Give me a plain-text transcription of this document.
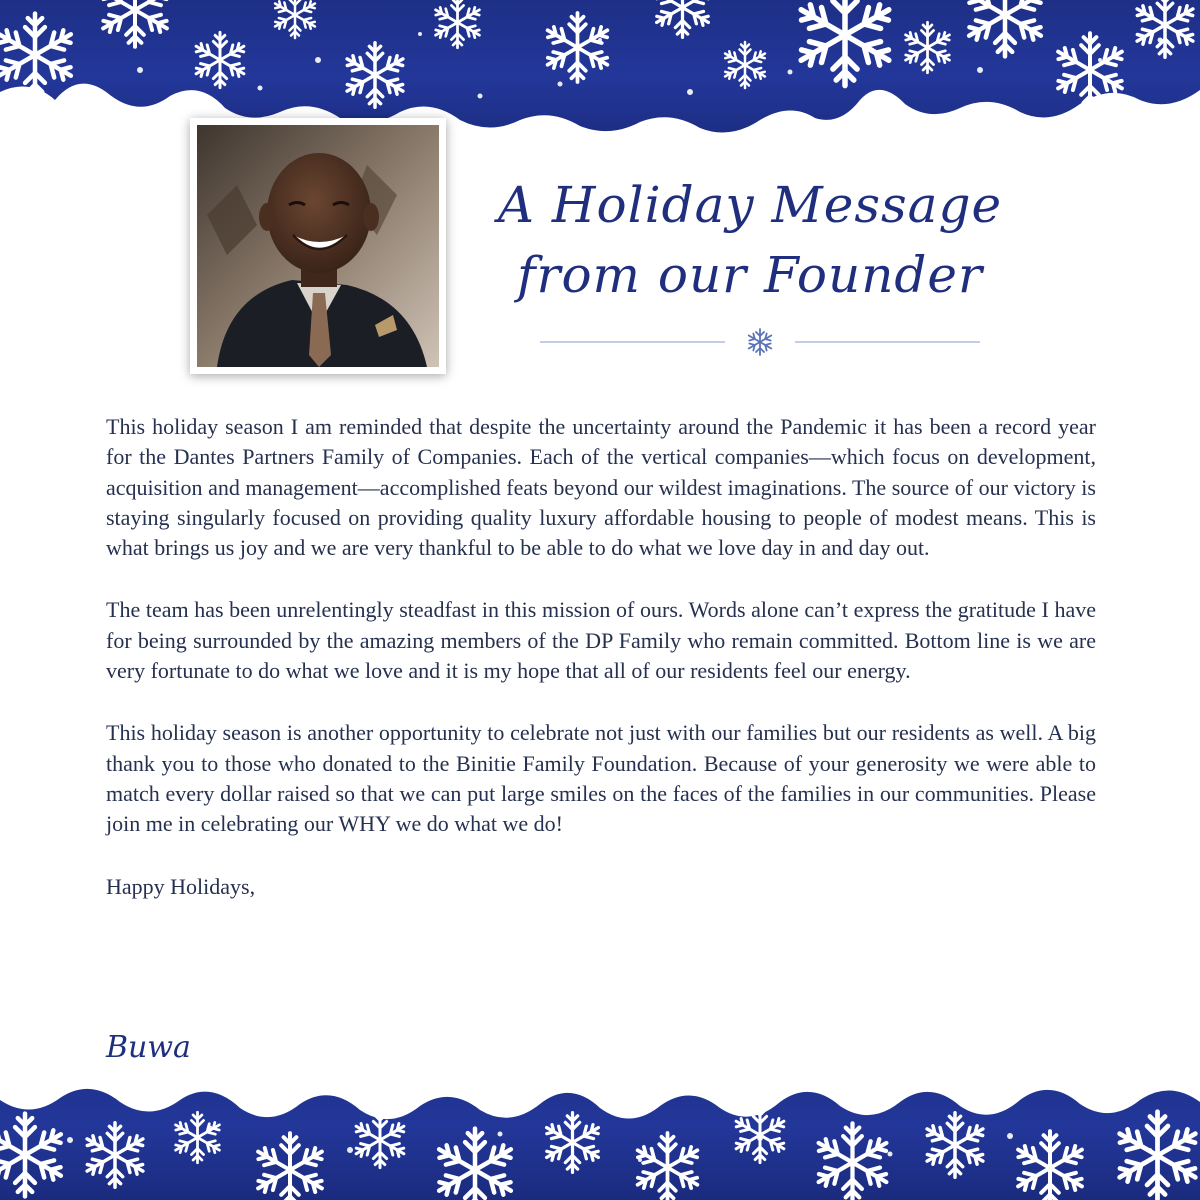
A Holiday Message
from our Founder

This holiday season I am reminded that despite the uncertainty around the Pandemic it has been a record year for the Dantes Partners Family of Companies. Each of the vertical companies—which focus on development, acquisition and management—accomplished feats beyond our wildest imaginations. The source of our victory is staying singularly focused on providing quality luxury affordable housing to people of modest means. This is what brings us joy and we are very thankful to be able to do what we love day in and day out.

The team has been unrelentingly steadfast in this mission of ours. Words alone can’t express the gratitude I have for being surrounded by the amazing members of the DP Family who remain committed. Bottom line is we are very fortunate to do what we love and it is my hope that all of our residents feel our energy.

This holiday season is another opportunity to celebrate not just with our families but our residents as well. A big thank you to those who donated to the Binitie Family Foundation. Because of your generosity we were able to match every dollar raised so that we can put large smiles on the faces of the families in our communities. Please join me in celebrating our WHY we do what we do!

Happy Holidays,

Buwa
